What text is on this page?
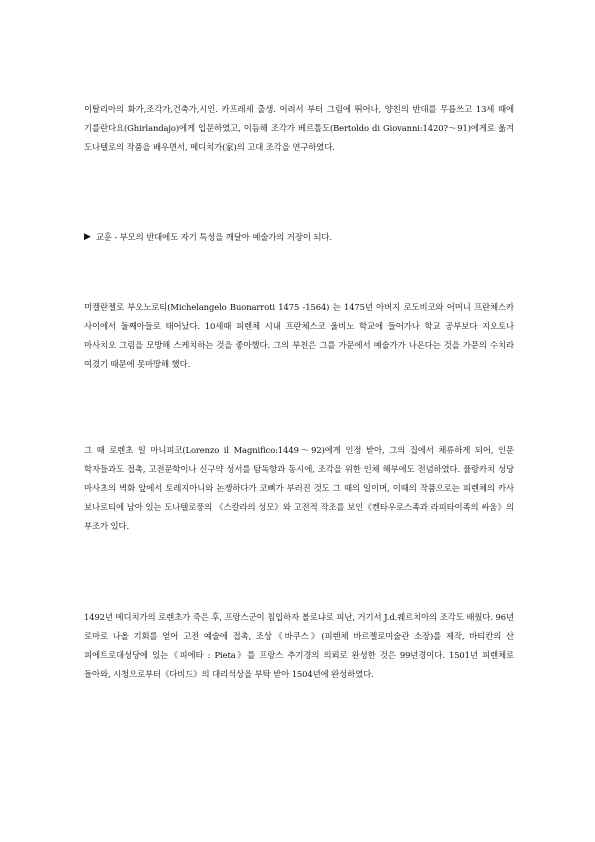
이탈리아의 화가,조각가,건축가,시인. 카프레세 출생. 어려서 부터 그림에 뛰어나, 양친의 반대를 무릅쓰고 13세 때에 기를란다요(Ghirlandajo)에게 입문하였고, 이듬해 조각가 베르톨도(Bertoldo di Giovanni:1420?～91)에게로 옮겨 도나텔로의 작품을 배우면서, 메디치가(家)의 고대 조각을 연구하였다.

▶ 교훈 - 부모의 반대에도 자기 특성을 깨달아 예술가의 거장이 되다.

미켈란젤로 부오노로티(Michelangelo Buonarroti 1475 -1564) 는 1475년 아버지 로도비코와 어머니 프란체스카 사이에서 둘째아들로 태어났다. 10세때 피렌체 시내 프란체스코 울비노 학교에 들어가나 학교 공부보다 지오토나 마사치오 그림을 모방해 스케치하는 것을 좋아했다. 그의 부친은 그를 가문에서 예술가가 나온다는 것을 가문의 수치라 여겼기 때문에 못마땅해 했다.

그 때 로렌초 일 마니피코(Lorenzo il Magnifico:1449～92)에게 인정 받아, 그의 집에서 체류하게 되어, 인문 학자들과도 접촉, 고전문학이나 신구약 성서를 탐독함과 동시에, 조각을 위한 인체 해부에도 전념하였다. 퓰랑카치 성당 마사초의 벽화 앞에서 토레지아니와 논쟁하다가 코뼈가 부러진 것도 그 때의 일이며, 이때의 작품으로는 피렌체의 카사 보나로티에 남아 있는 도나텔로풍의 《스칼라의 성모》와 고전적 작조를 보인《켄타우로스족과 라피타이족의 싸움》의 부조가 있다.

1492년 메디치가의 로렌초가 죽은 후, 프랑스군이 침입하자 볼로냐로 피난, 거기서 J.d.퀘르치아의 조각도 배웠다. 96년 로마로 나올 기회를 얻어 고전 예술에 접촉, 조상《바쿠스》(피렌체 바르젤로미술관 소장)를 제작, 바티칸의 산 피에트로대성당에 있는《피에타 : Pieta》를 프랑스 추기경의 의뢰로 완성한 것은 99년경이다. 1501년 피렌체로 돌아와, 시청으로부터《다비드》의 대리석상을 부탁 받아 1504년에 완성하였다.
